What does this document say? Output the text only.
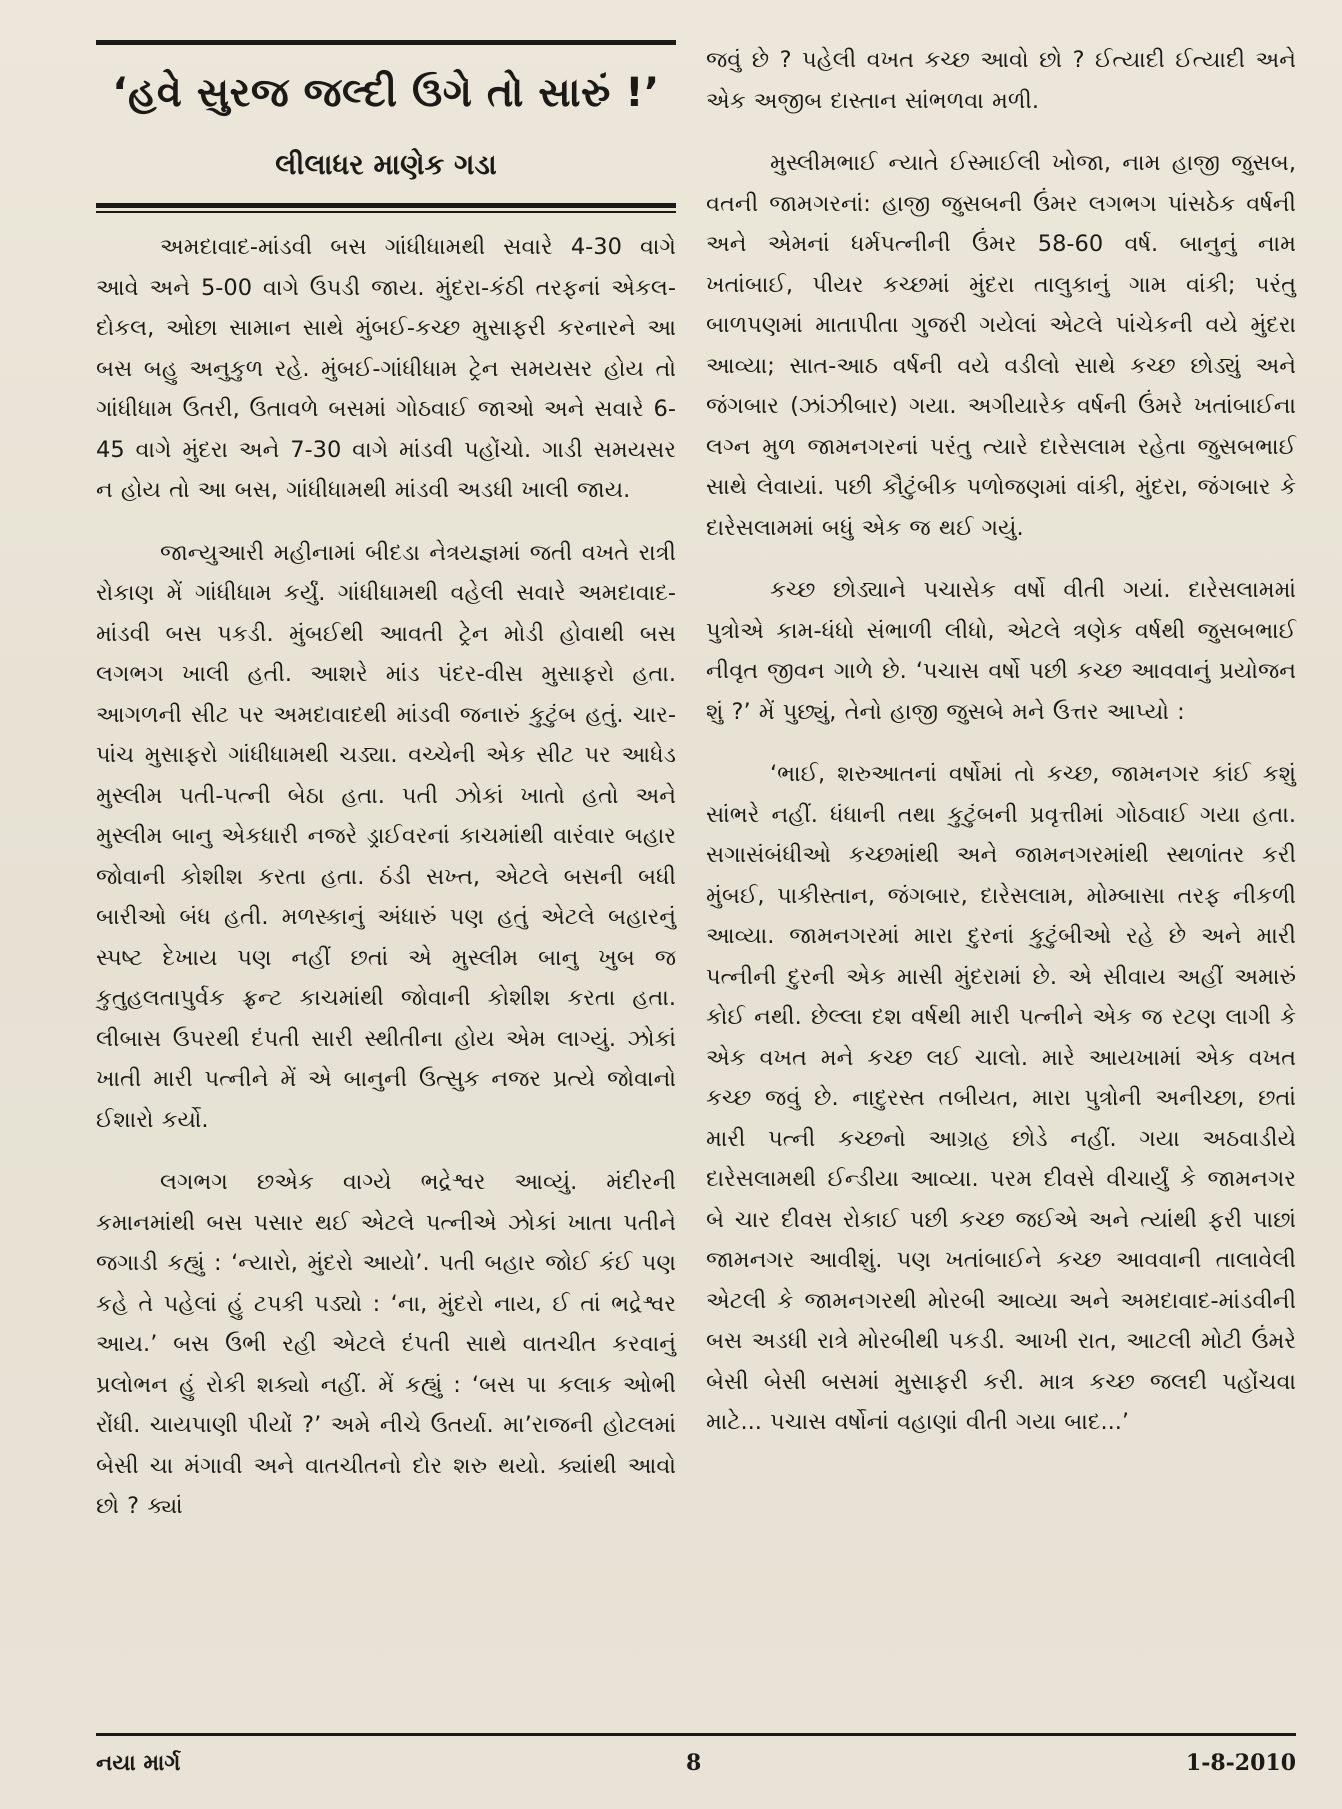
‘હવે સુરજ જલ્દી ઉગે તો સારું !’
લીલાધર માણેક ગડા

અમદાવાદ-માંડવી બસ ગાંધીધામથી સવારે 4-30 વાગે આવે અને 5-00 વાગે ઉપડી જાય. મુંદરા-કંઠી તરફનાં એકલ-દોકલ, ઓછા સામાન સાથે મુંબઈ-કચ્છ મુસાફરી કરનારને આ બસ બહુ અનુકુળ રહે. મુંબઈ-ગાંધીધામ ટ્રેન સમયસર હોય તો ગાંધીધામ ઉતરી, ઉતાવળે બસમાં ગોઠવાઈ જાઓ અને સવારે 6-45 વાગે મુંદરા અને 7-30 વાગે માંડવી પહોંચો. ગાડી સમયસર ન હોય તો આ બસ, ગાંધીધામથી માંડવી અડધી ખાલી જાય.

જાન્યુઆરી મહીનામાં બીદડા નેત્રયજ્ઞમાં જતી વખતે રાત્રી રોકાણ મેં ગાંધીધામ કર્યું. ગાંધીધામથી વહેલી સવારે અમદાવાદ-માંડવી બસ પકડી. મુંબઈથી આવતી ટ્રેન મોડી હોવાથી બસ લગભગ ખાલી હતી. આશરે માંડ પંદર-વીસ મુસાફરો હતા. આગળની સીટ પર અમદાવાદથી માંડવી જનારું કુટુંબ હતું. ચાર-પાંચ મુસાફરો ગાંધીધામથી ચડ્યા. વચ્ચેની એક સીટ પર આધેડ મુસ્લીમ પતી-પત્ની બેઠા હતા. પતી ઝોકાં ખાતો હતો અને મુસ્લીમ બાનુ એકધારી નજરે ડ્રાઈવરનાં કાચમાંથી વારંવાર બહાર જોવાની કોશીશ કરતા હતા. ઠંડી સખ્ત, એટલે બસની બધી બારીઓ બંધ હતી. મળસ્કાનું અંધારું પણ હતું એટલે બહારનું સ્પષ્ટ દેખાય પણ નહીં છતાં એ મુસ્લીમ બાનુ ખુબ જ કુતુહલતાપુર્વક ફ્રન્ટ કાચમાંથી જોવાની કોશીશ કરતા હતા. લીબાસ ઉપરથી દંપતી સારી સ્થીતીના હોય એમ લાગ્યું. ઝોકાં ખાતી મારી પત્નીને મેં એ બાનુની ઉત્સુક નજર પ્રત્યે જોવાનો ઈશારો કર્યો.

લગભગ છએક વાગ્યે ભદ્રેશ્વર આવ્યું. મંદીરની કમાનમાંથી બસ પસાર થઈ એટલે પત્નીએ ઝોકાં ખાતા પતીને જગાડી કહ્યું : ‘ન્યારો, મુંદરો આયો’. પતી બહાર જોઈ કંઈ પણ કહે તે પહેલાં હું ટપકી પડ્યો : ‘ના, મુંદરો નાય, ઈ તાં ભદ્રેશ્વર આય.’ બસ ઉભી રહી એટલે દંપતી સાથે વાતચીત કરવાનું પ્રલોભન હું રોકી શક્યો નહીં. મેં કહ્યું : ‘બસ પા કલાક ઓભી રોંધી. ચાયપાણી પીયોં ?’ અમે નીચે ઉતર્યા. મા’રાજની હોટલમાં બેસી ચા મંગાવી અને વાતચીતનો દોર શરુ થયો. ક્યાંથી આવો છો ? ક્યાં

જવું છે ? પહેલી વખત કચ્છ આવો છો ? ઈત્યાદી ઈત્યાદી અને એક અજીબ દાસ્તાન સાંભળવા મળી.

મુસ્લીમભાઈ ન્યાતે ઈસ્માઈલી ખોજા, નામ હાજી જુસબ, વતની જામગરનાં: હાજી જુસબની ઉંમર લગભગ પાંસઠેક વર્ષની અને એમનાં ધર્મપત્નીની ઉંમર 58-60 વર્ષ. બાનુનું નામ ખતાંબાઈ, પીયર કચ્છમાં મુંદરા તાલુકાનું ગામ વાંકી; પરંતુ બાળપણમાં માતાપીતા ગુજરી ગયેલાં એટલે પાંચેકની વયે મુંદરા આવ્યા; સાત-આઠ વર્ષની વયે વડીલો સાથે કચ્છ છોડ્યું અને જંગબાર (ઝાંઝીબાર) ગયા. અગીયારેક વર્ષની ઉંમરે ખતાંબાઈના લગ્ન મુળ જામનગરનાં પરંતુ ત્યારે દારેસલામ રહેતા જુસબભાઈ સાથે લેવાયાં. પછી કૌટુંબીક પળોજણમાં વાંકી, મુંદરા, જંગબાર કે દારેસલામમાં બધું એક જ થઈ ગયું.

કચ્છ છોડ્યાને પચાસેક વર્ષો વીતી ગયાં. દારેસલામમાં પુત્રોએ કામ-ધંધો સંભાળી લીધો, એટલે ત્રણેક વર્ષથી જુસબભાઈ નીવૃત જીવન ગાળે છે. ‘પચાસ વર્ષો પછી કચ્છ આવવાનું પ્રયોજન શું ?’ મેં પુછ્યું, તેનો હાજી જુસબે મને ઉત્તર આપ્યો :

‘ભાઈ, શરુઆતનાં વર્ષોમાં તો કચ્છ, જામનગર કાંઈ કશું સાંભરે નહીં. ધંધાની તથા કુટુંબની પ્રવૃત્તીમાં ગોઠવાઈ ગયા હતા. સગાસંબંધીઓ કચ્છમાંથી અને જામનગરમાંથી સ્થળાંતર કરી મુંબઈ, પાકીસ્તાન, જંગબાર, દારેસલામ, મોમ્બાસા તરફ નીકળી આવ્યા. જામનગરમાં મારા દુરનાં કુટુંબીઓ રહે છે અને મારી પત્નીની દુરની એક માસી મુંદરામાં છે. એ સીવાય અહીં અમારું કોઈ નથી. છેલ્લા દશ વર્ષથી મારી પત્નીને એક જ રટણ લાગી કે એક વખત મને કચ્છ લઈ ચાલો. મારે આયખામાં એક વખત કચ્છ જવું છે. નાદુરસ્ત તબીયત, મારા પુત્રોની અનીચ્છા, છતાં મારી પત્ની કચ્છનો આગ્રહ છોડે નહીં. ગયા અઠવાડીયે દારેસલામથી ઈન્ડીયા આવ્યા. પરમ દીવસે વીચાર્યું કે જામનગર બે ચાર દીવસ રોકાઈ પછી કચ્છ જઈએ અને ત્યાંથી ફરી પાછાં જામનગર આવીશું. પણ ખતાંબાઈને કચ્છ આવવાની તાલાવેલી એટલી કે જામનગરથી મોરબી આવ્યા અને અમદાવાદ-માંડવીની બસ અડધી રાત્રે મોરબીથી પકડી. આખી રાત, આટલી મોટી ઉંમરે બેસી બેસી બસમાં મુસાફરી કરી. માત્ર કચ્છ જલદી પહોંચવા માટે... પચાસ વર્ષોનાં વહાણાં વીતી ગયા બાદ...’

નયા માર્ગ	8	1-8-2010
